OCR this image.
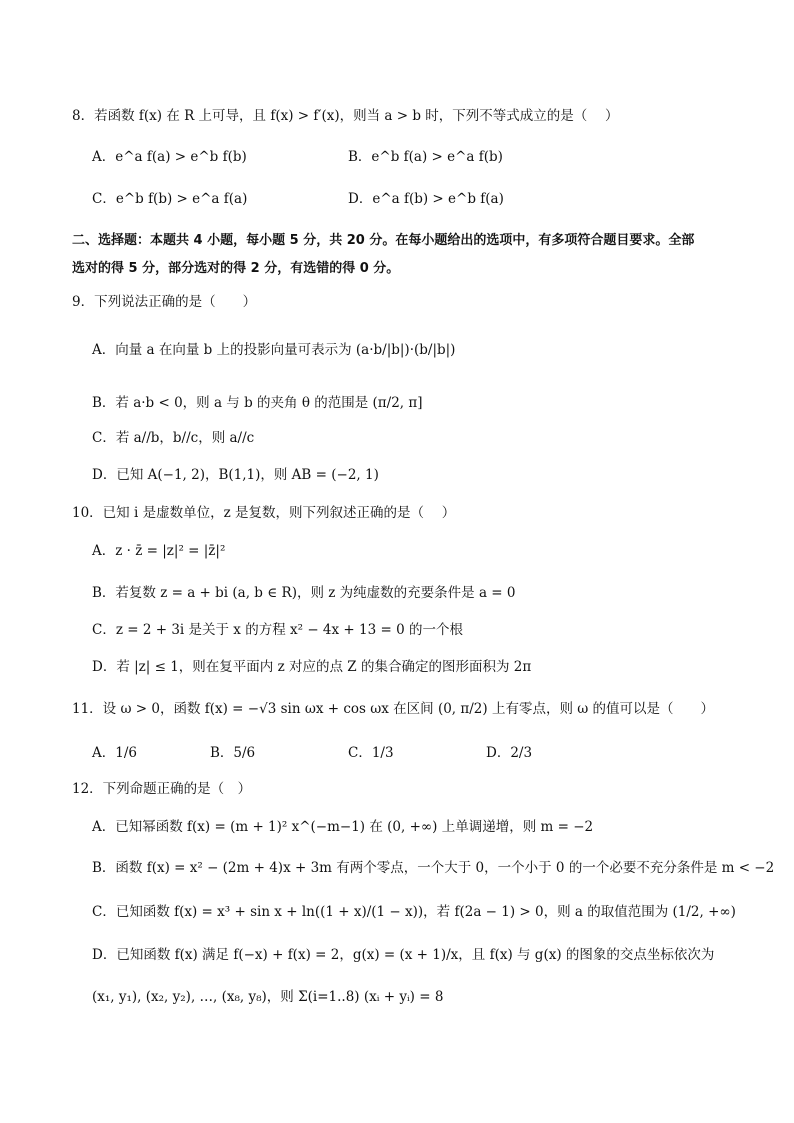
8．若函数 f(x) 在 R 上可导，且 f(x) > f′(x)，则当 a > b 时，下列不等式成立的是（　 ）
A．e^a f(a) > e^b f(b)	B．e^b f(a) > e^a f(b)
C．e^b f(b) > e^a f(a)	D．e^a f(b) > e^b f(a)
二、选择题：本题共 4 小题，每小题 5 分，共 20 分。在每小题给出的选项中，有多项符合题目要求。全部
选对的得 5 分，部分选对的得 2 分，有选错的得 0 分。
9．下列说法正确的是（　　）
A．向量 a 在向量 b 上的投影向量可表示为 (a·b/|b|)·(b/|b|)
B．若 a·b < 0，则 a 与 b 的夹角 θ 的范围是 (π/2, π]
C．若 a//b，b//c，则 a//c
D．已知 A(−1, 2)，B(1,1)，则 AB = (−2, 1)
10．已知 i 是虚数单位，z 是复数，则下列叙述正确的是（　 ）
A．z · z̄ = |z|² = |z̄|²
B．若复数 z = a + bi (a, b ∈ R)，则 z 为纯虚数的充要条件是 a = 0
C．z = 2 + 3i 是关于 x 的方程 x² − 4x + 13 = 0 的一个根
D．若 |z| ≤ 1，则在复平面内 z 对应的点 Z 的集合确定的图形面积为 2π
11．设 ω > 0，函数 f(x) = −√3 sin ωx + cos ωx 在区间 (0, π/2) 上有零点，则 ω 的值可以是（　　）
A．1/6	B．5/6	C．1/3	D．2/3
12．下列命题正确的是（　）
A．已知幂函数 f(x) = (m + 1)² x^(−m−1) 在 (0, +∞) 上单调递增，则 m = −2
B．函数 f(x) = x² − (2m + 4)x + 3m 有两个零点，一个大于 0，一个小于 0 的一个必要不充分条件是 m < −2
C．已知函数 f(x) = x³ + sin x + ln((1 + x)/(1 − x))，若 f(2a − 1) > 0，则 a 的取值范围为 (1/2, +∞)
D．已知函数 f(x) 满足 f(−x) + f(x) = 2，g(x) = (x + 1)/x，且 f(x) 与 g(x) 的图象的交点坐标依次为
(x₁, y₁), (x₂, y₂), …, (x₈, y₈)，则 Σ(i=1..8) (xᵢ + yᵢ) = 8
